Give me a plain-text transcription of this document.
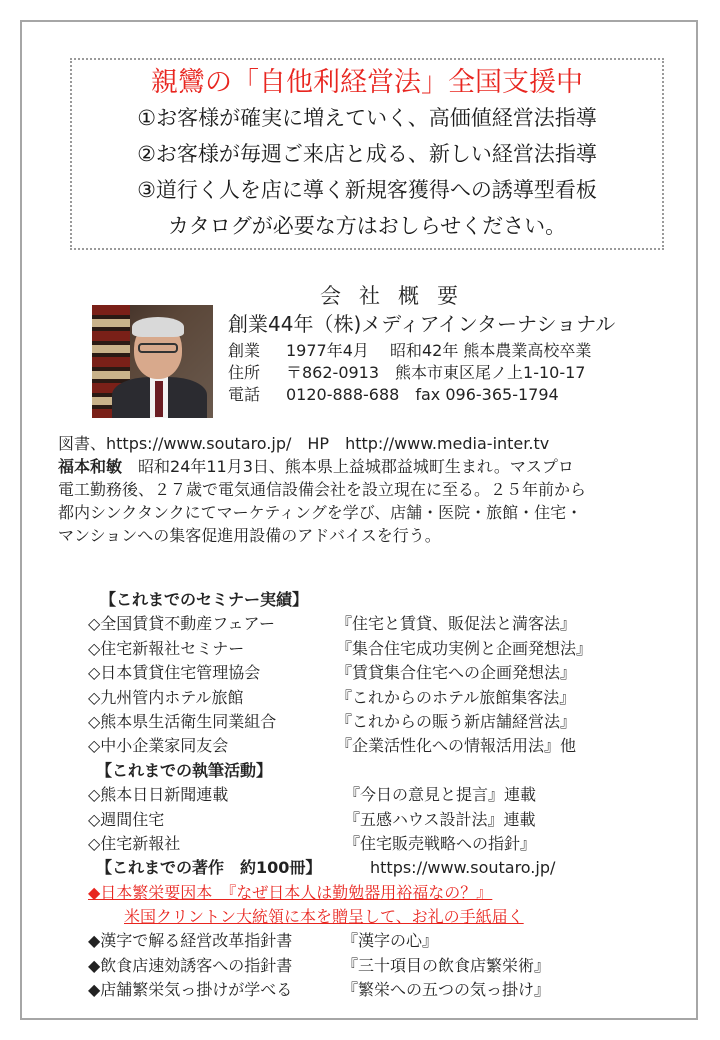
親鸞の「自他利経営法」全国支援中
①お客様が確実に増えていく、高価値経営法指導
②お客様が毎週ご来店と成る、新しい経営法指導
③道行く人を店に導く新規客獲得への誘導型看板
カタログが必要な方はおしらせください。
会社概要
創業44年（株)メディアインターナショナル
創業 1977年4月　 昭和42年 熊本農業高校卒業
住所 〒862-0913　熊本市東区尾ノ上1-10-17
電話 0120-888-688　fax 096-365-1794
図書、https://www.soutaro.jp/　HP　http://www.media-inter.tv
福本和敏　昭和24年11月3日、熊本県上益城郡益城町生まれ。マスプロ
電工勤務後、２７歳で電気通信設備会社を設立現在に至る。２５年前から
都内シンクタンクにてマーケティングを学び、店舗・医院・旅館・住宅・
マンションへの集客促進用設備のアドバイスを行う。
【これまでのセミナー実績】
◇全国賃貸不動産フェアー	『住宅と賃貸、販促法と満客法』
◇住宅新報社セミナー	『集合住宅成功実例と企画発想法』
◇日本賃貸住宅管理協会	『賃貸集合住宅への企画発想法』
◇九州管内ホテル旅館	『これからのホテル旅館集客法』
◇熊本県生活衛生同業組合	『これからの賑う新店舗経営法』
◇中小企業家同友会	『企業活性化への情報活用法』他
【これまでの執筆活動】
◇熊本日日新聞連載	『今日の意見と提言』連載
◇週間住宅	『五感ハウス設計法』連載
◇住宅新報社	『住宅販売戦略への指針』
【これまでの著作　約100冊】	https://www.soutaro.jp/
◆日本繁栄要因本　『なぜ日本人は勤勉器用裕福なの？』
米国クリントン大統領に本を贈呈して、お礼の手紙届く
◆漢字で解る経営改革指針書	『漢字の心』
◆飲食店速効誘客への指針書	『三十項目の飲食店繁栄術』
◆店舗繁栄気っ掛けが学べる	『繁栄への五つの気っ掛け』
